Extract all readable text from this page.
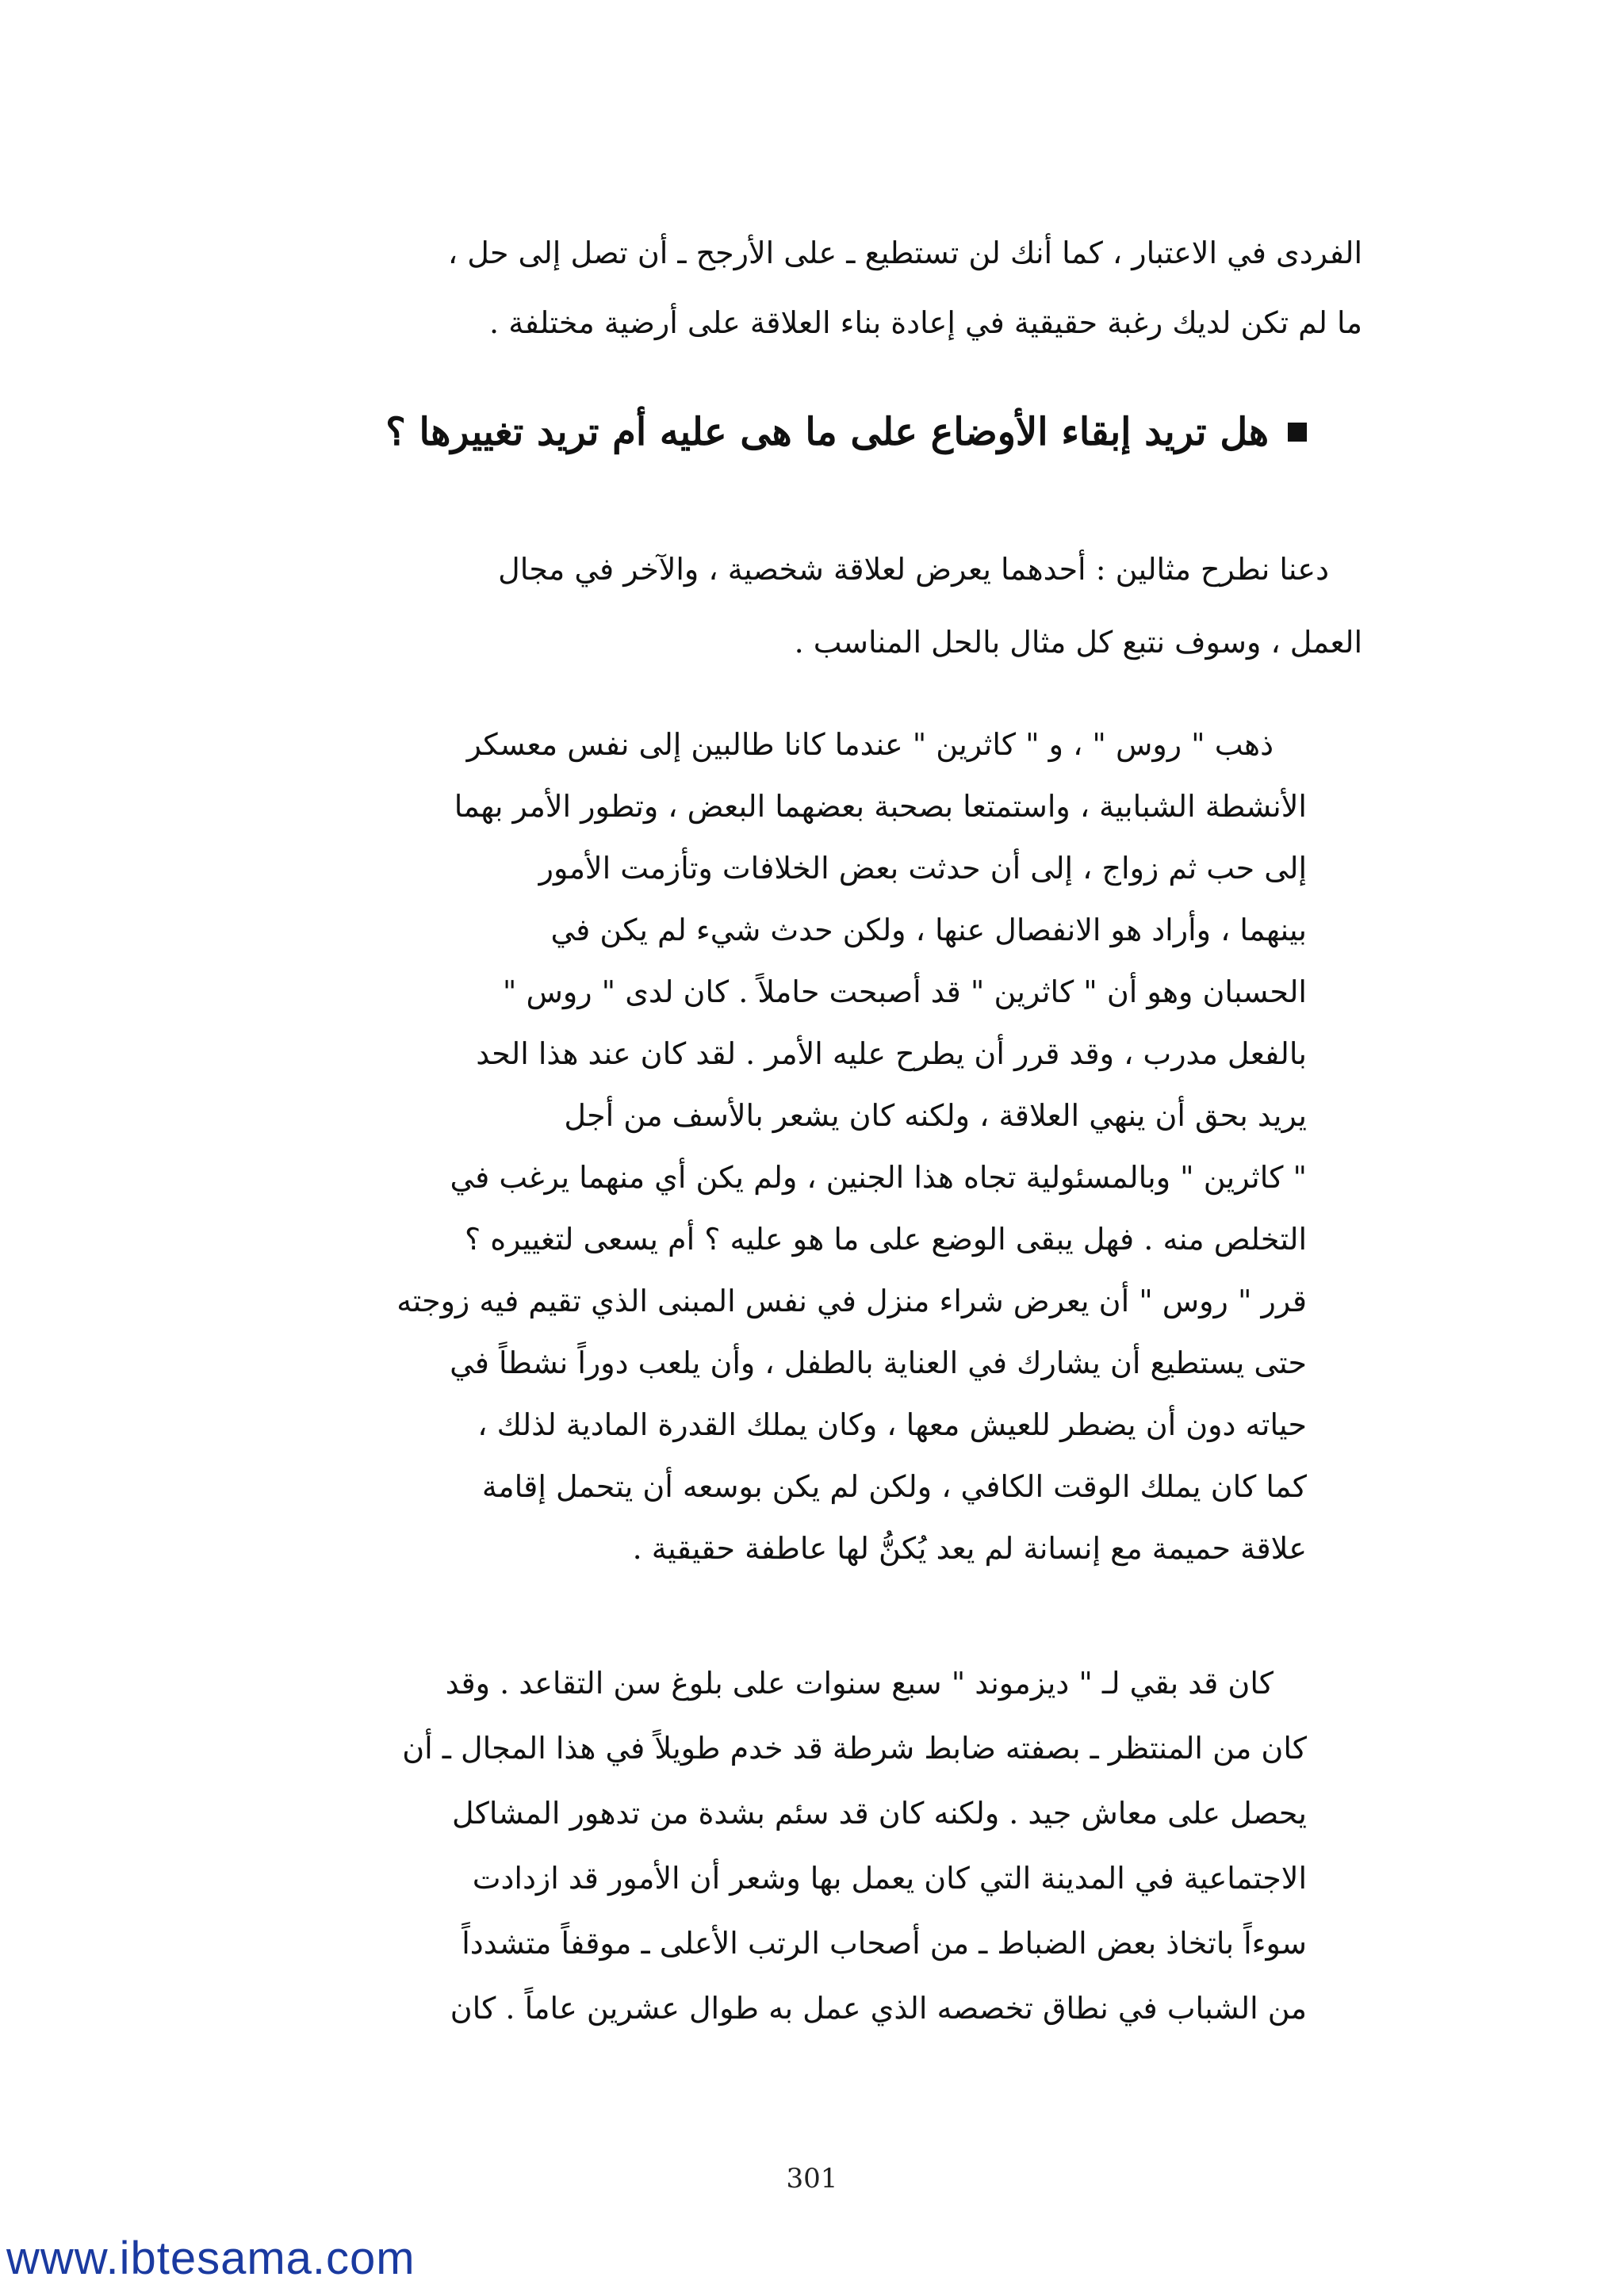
الفردى في الاعتبار ، كما أنك لن تستطيع ـ على الأرجح ـ أن تصل إلى حل ،
ما لم تكن لديك رغبة حقيقية في إعادة بناء العلاقة على أرضية مختلفة .
هل تريد إبقاء الأوضاع على ما هى عليه أم تريد تغييرها ؟
دعنا نطرح مثالين : أحدهما يعرض لعلاقة شخصية ، والآخر في مجال
العمل ، وسوف نتبع كل مثال بالحل المناسب .
ذهب " روس " ، و " كاثرين " عندما كانا طالبين إلى نفس معسكر
الأنشطة الشبابية ، واستمتعا بصحبة بعضهما البعض ، وتطور الأمر بهما
إلى حب ثم زواج ، إلى أن حدثت بعض الخلافات وتأزمت الأمور
بينهما ، وأراد هو الانفصال عنها ، ولكن حدث شيء لم يكن في
الحسبان وهو أن " كاثرين " قد أصبحت حاملاً . كان لدى " روس "
بالفعل مدرب ، وقد قرر أن يطرح عليه الأمر . لقد كان عند هذا الحد
يريد بحق أن ينهي العلاقة ، ولكنه كان يشعر بالأسف من أجل
" كاثرين " وبالمسئولية تجاه هذا الجنين ، ولم يكن أي منهما يرغب في
التخلص منه . فهل يبقى الوضع على ما هو عليه ؟ أم يسعى لتغييره ؟
قرر " روس " أن يعرض شراء منزل في نفس المبنى الذي تقيم فيه زوجته
حتى يستطيع أن يشارك في العناية بالطفل ، وأن يلعب دوراً نشطاً في
حياته دون أن يضطر للعيش معها ، وكان يملك القدرة المادية لذلك ،
كما كان يملك الوقت الكافي ، ولكن لم يكن بوسعه أن يتحمل إقامة
علاقة حميمة مع إنسانة لم يعد يُكنُّ لها عاطفة حقيقية .
كان قد بقي لـ " ديزموند " سبع سنوات على بلوغ سن التقاعد . وقد
كان من المنتظر ـ بصفته ضابط شرطة قد خدم طويلاً في هذا المجال ـ أن
يحصل على معاش جيد . ولكنه كان قد سئم بشدة من تدهور المشاكل
الاجتماعية في المدينة التي كان يعمل بها وشعر أن الأمور قد ازدادت
سوءاً باتخاذ بعض الضباط ـ من أصحاب الرتب الأعلى ـ موقفاً متشدداً
من الشباب في نطاق تخصصه الذي عمل به طوال عشرين عاماً . كان
301
www.ibtesama.com
